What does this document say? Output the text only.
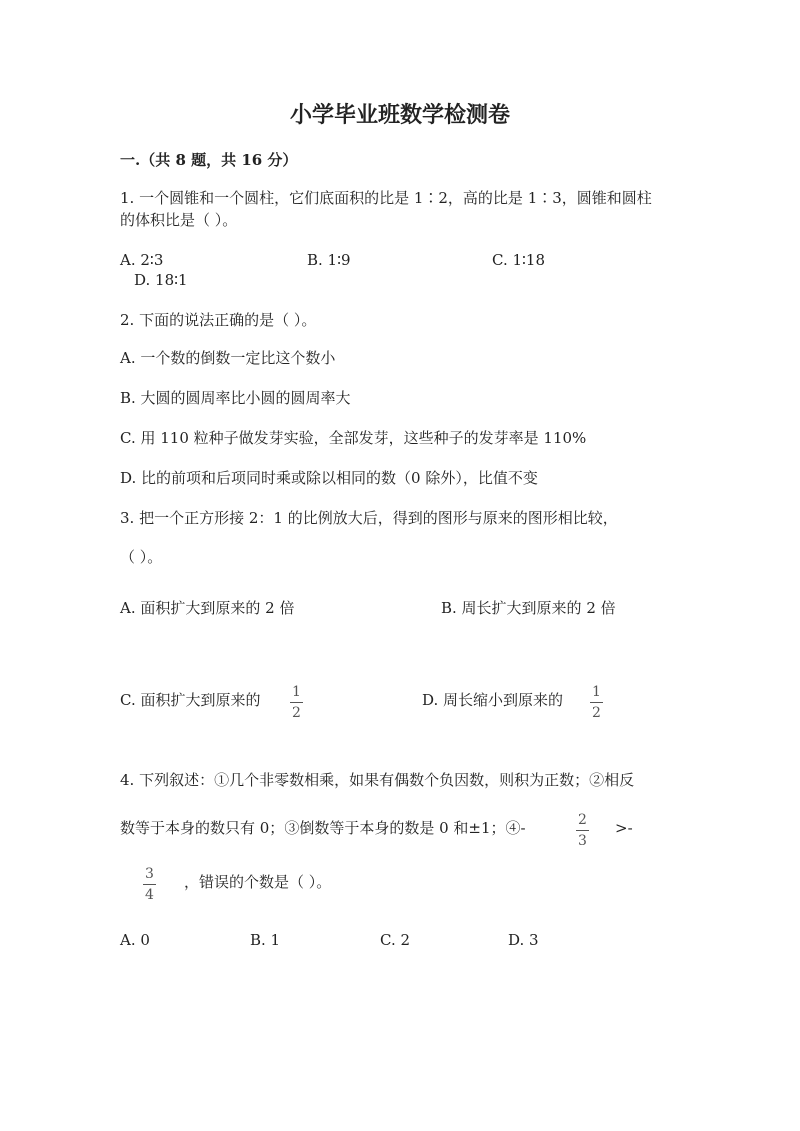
小学毕业班数学检测卷
一.（共 8 题，共 16 分）
1. 一个圆锥和一个圆柱，它们底面积的比是 1∶2，高的比是 1∶3，圆锥和圆柱
的体积比是（ ）。
A. 2∶3	B. 1∶9	C. 1∶18
D. 18∶1
2. 下面的说法正确的是（ ）。
A. 一个数的倒数一定比这个数小
B. 大圆的圆周率比小圆的圆周率大
C. 用 110 粒种子做发芽实验，全部发芽，这些种子的发芽率是 110%
D. 比的前项和后项同时乘或除以相同的数（0 除外），比值不变
3. 把一个正方形接 2：1 的比例放大后，得到的图形与原来的图形相比较，
（ ）。
A. 面积扩大到原来的 2 倍	B. 周长扩大到原来的 2 倍
C. 面积扩大到原来的 1
2
D. 周长缩小到原来的 1
2
4. 下列叙述：①几个非零数相乘，如果有偶数个负因数，则积为正数；②相反
数等于本身的数只有 0；③倒数等于本身的数是 0 和±1；④-	2
3
>-
3
4
，错误的个数是（ ）。
A. 0	B. 1	C. 2	D. 3
